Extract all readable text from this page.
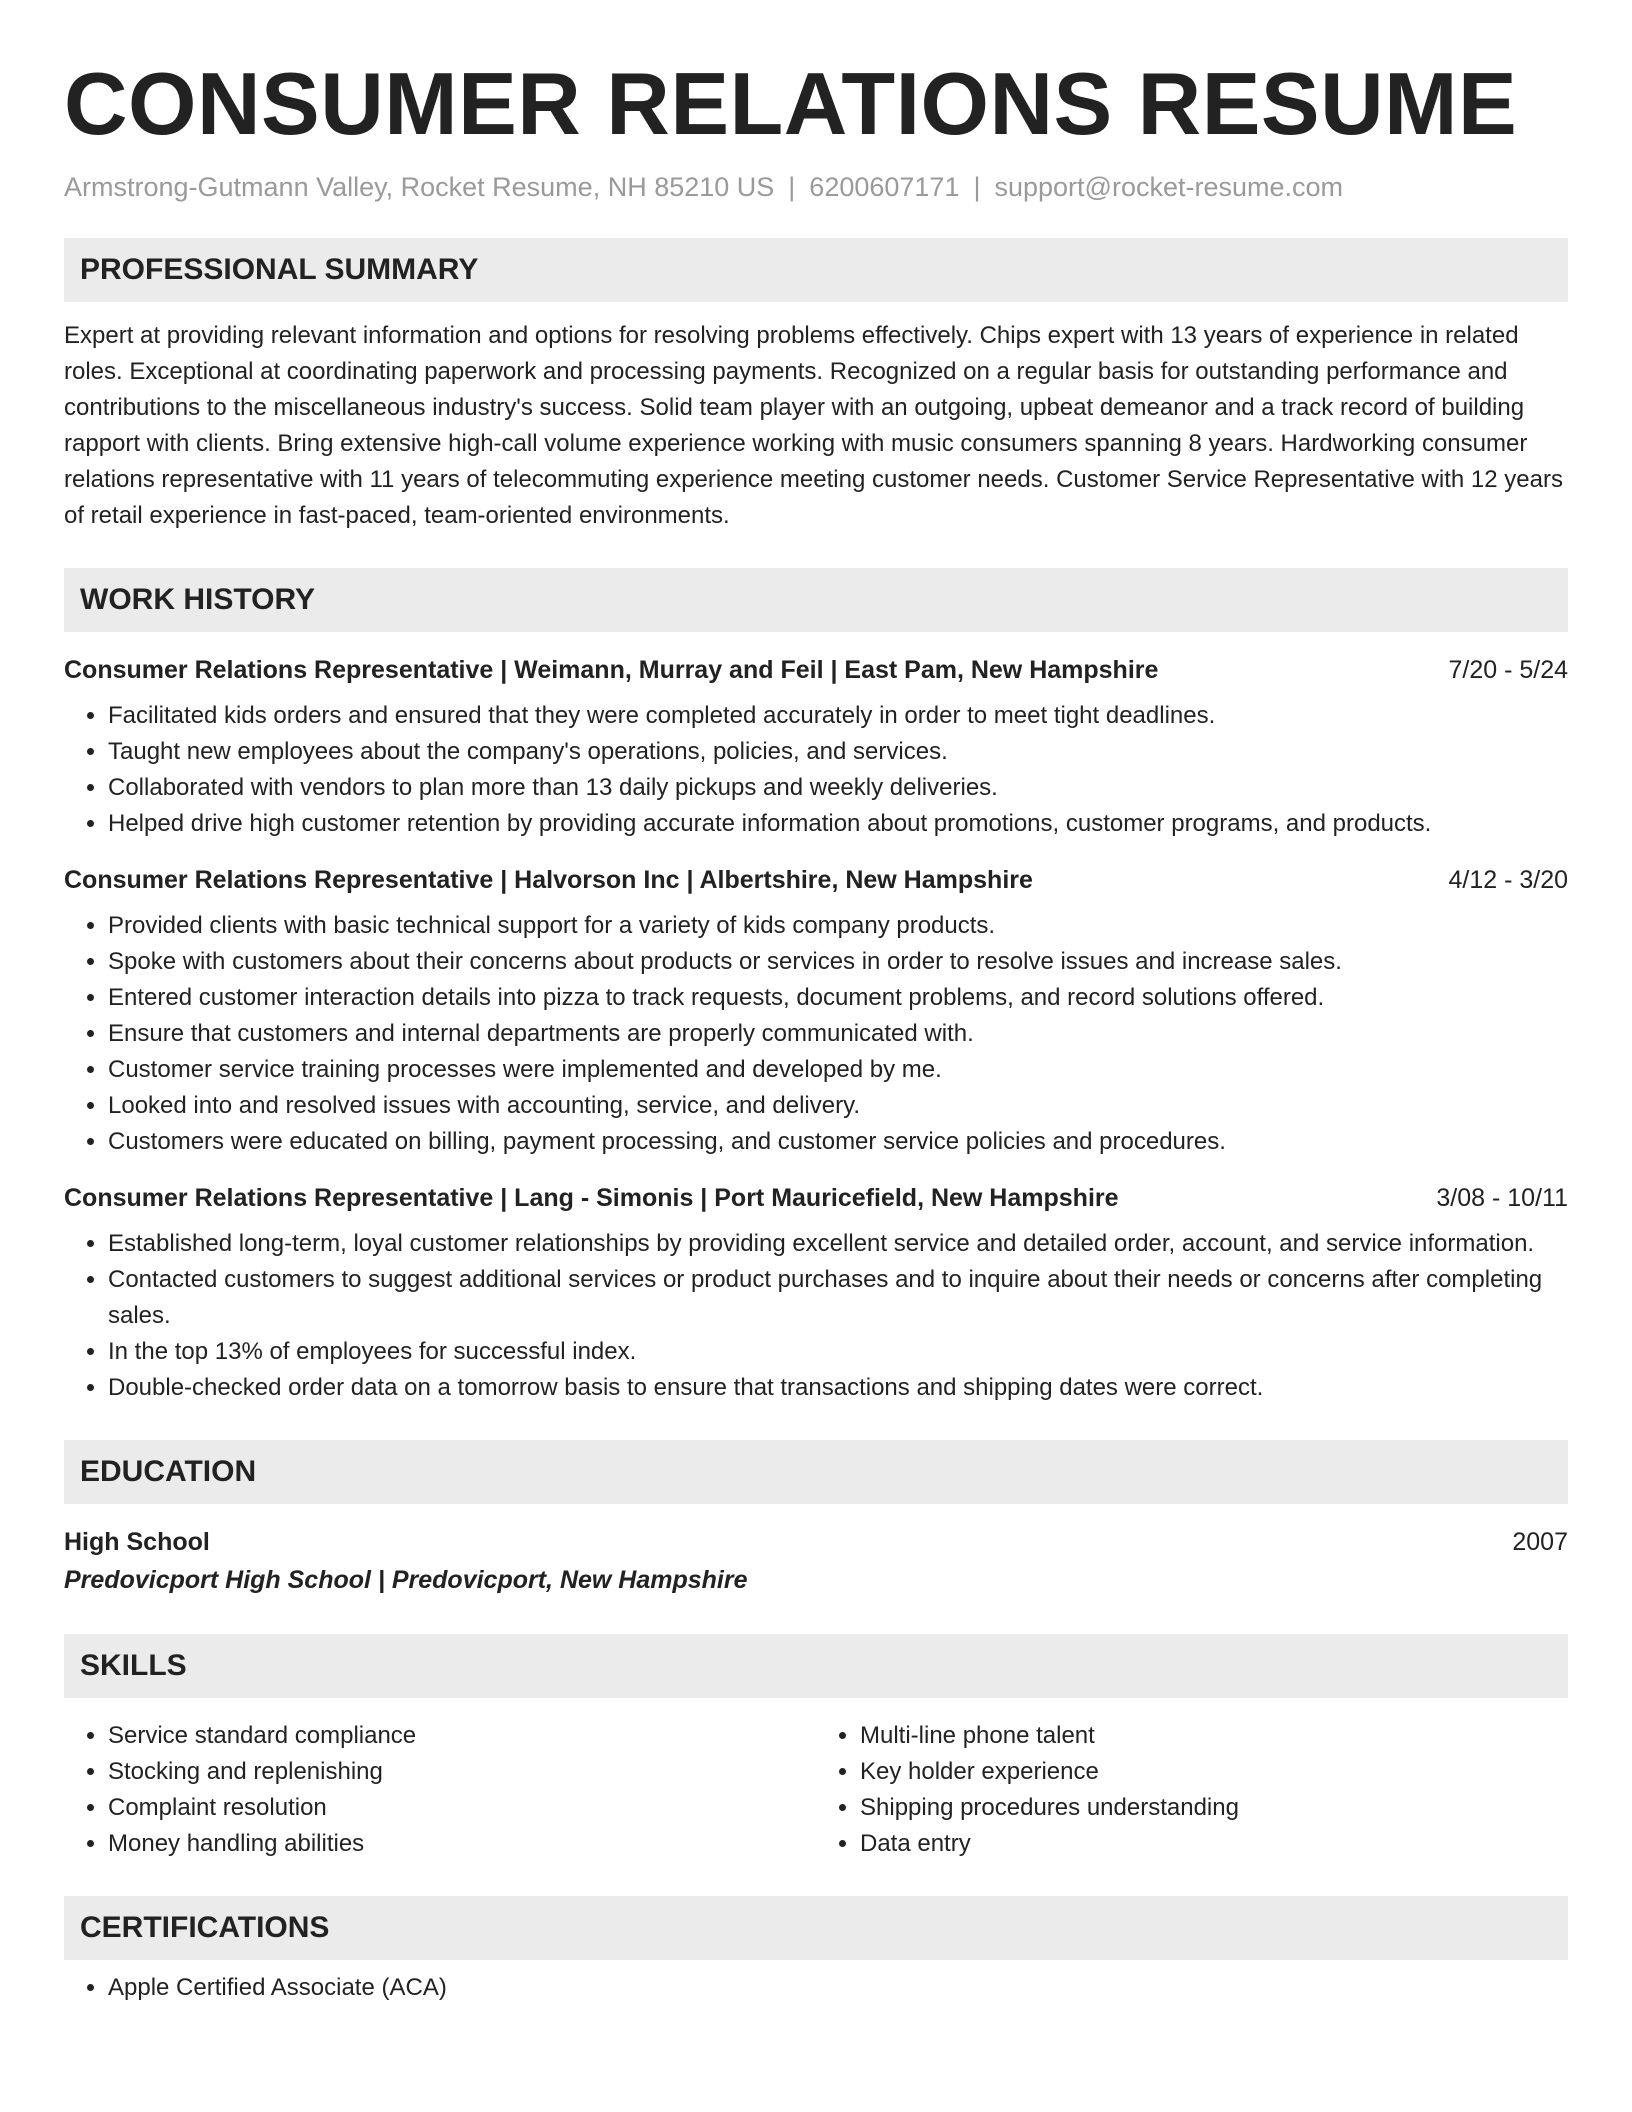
CONSUMER RELATIONS RESUME
Armstrong-Gutmann Valley, Rocket Resume, NH 85210 US | 6200607171 | support@rocket-resume.com
PROFESSIONAL SUMMARY
Expert at providing relevant information and options for resolving problems effectively. Chips expert with 13 years of experience in related roles. Exceptional at coordinating paperwork and processing payments. Recognized on a regular basis for outstanding performance and contributions to the miscellaneous industry's success. Solid team player with an outgoing, upbeat demeanor and a track record of building rapport with clients. Bring extensive high-call volume experience working with music consumers spanning 8 years. Hardworking consumer relations representative with 11 years of telecommuting experience meeting customer needs. Customer Service Representative with 12 years of retail experience in fast-paced, team-oriented environments.
WORK HISTORY
Consumer Relations Representative | Weimann, Murray and Feil | East Pam, New Hampshire	7/20 - 5/24
• Facilitated kids orders and ensured that they were completed accurately in order to meet tight deadlines.
• Taught new employees about the company's operations, policies, and services.
• Collaborated with vendors to plan more than 13 daily pickups and weekly deliveries.
• Helped drive high customer retention by providing accurate information about promotions, customer programs, and products.
Consumer Relations Representative | Halvorson Inc | Albertshire, New Hampshire	4/12 - 3/20
• Provided clients with basic technical support for a variety of kids company products.
• Spoke with customers about their concerns about products or services in order to resolve issues and increase sales.
• Entered customer interaction details into pizza to track requests, document problems, and record solutions offered.
• Ensure that customers and internal departments are properly communicated with.
• Customer service training processes were implemented and developed by me.
• Looked into and resolved issues with accounting, service, and delivery.
• Customers were educated on billing, payment processing, and customer service policies and procedures.
Consumer Relations Representative | Lang - Simonis | Port Mauricefield, New Hampshire	3/08 - 10/11
• Established long-term, loyal customer relationships by providing excellent service and detailed order, account, and service information.
• Contacted customers to suggest additional services or product purchases and to inquire about their needs or concerns after completing sales.
• In the top 13% of employees for successful index.
• Double-checked order data on a tomorrow basis to ensure that transactions and shipping dates were correct.
EDUCATION
High School	2007
Predovicport High School | Predovicport, New Hampshire
SKILLS
• Service standard compliance
• Stocking and replenishing
• Complaint resolution
• Money handling abilities
• Multi-line phone talent
• Key holder experience
• Shipping procedures understanding
• Data entry
CERTIFICATIONS
• Apple Certified Associate (ACA)
